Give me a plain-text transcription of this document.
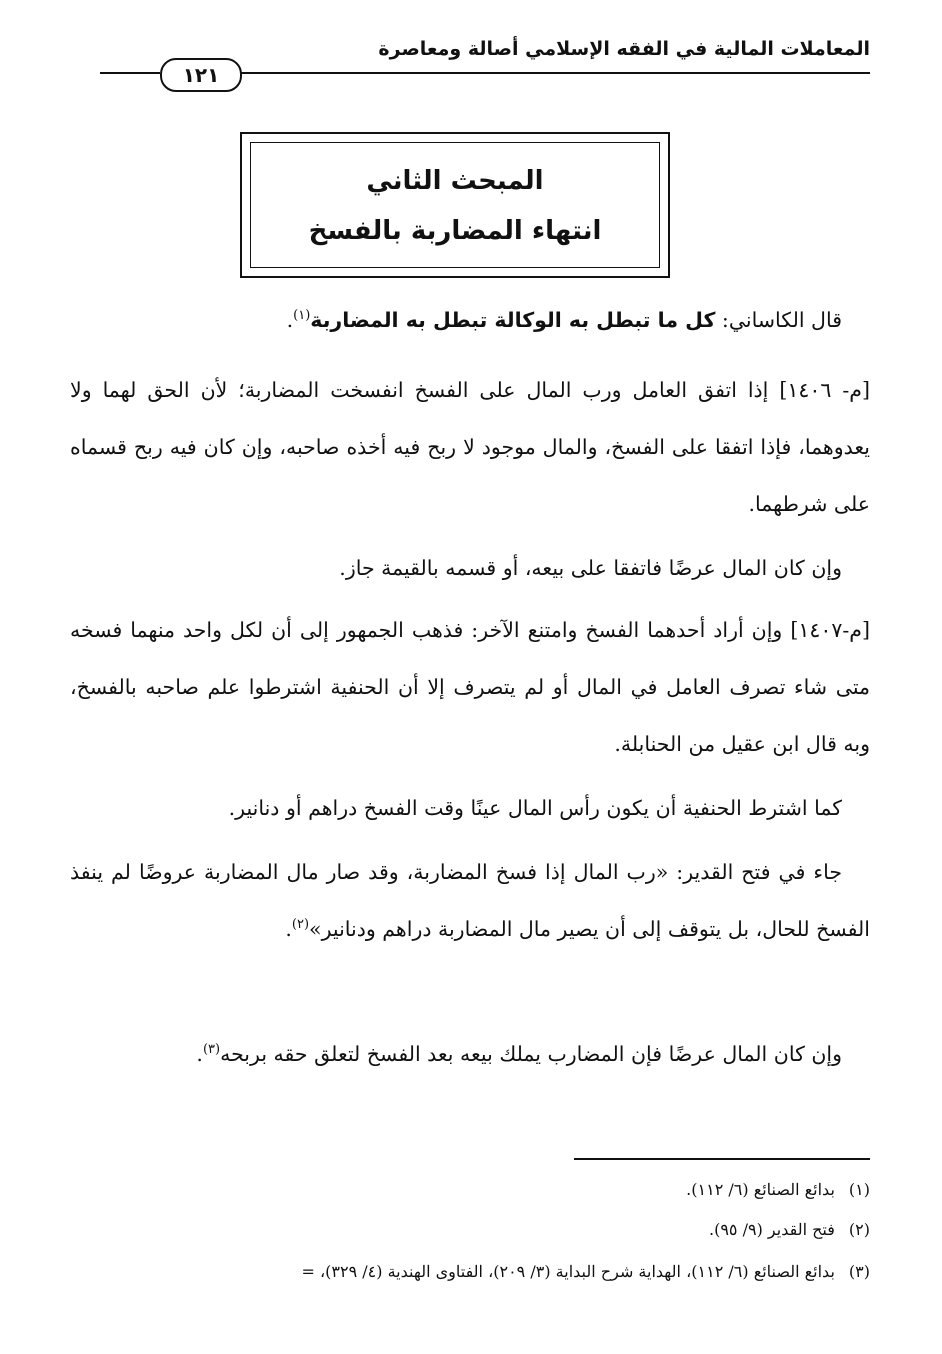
المعاملات المالية في الفقه الإسلامي أصالة ومعاصرة
١٢١
المبحث الثاني
انتهاء المضاربة بالفسخ
قال الكاساني: كل ما تبطل به الوكالة تبطل به المضاربة$^{(١)}$.
[م- ١٤٠٦] إذا اتفق العامل ورب المال على الفسخ انفسخت المضاربة؛ لأن الحق لهما ولا يعدوهما، فإذا اتفقا على الفسخ، والمال موجود لا ربح فيه أخذه صاحبه، وإن كان فيه ربح قسماه على شرطهما.
وإن كان المال عرضًا فاتفقا على بيعه، أو قسمه بالقيمة جاز.
[م-١٤٠٧] وإن أراد أحدهما الفسخ وامتنع الآخر: فذهب الجمهور إلى أن لكل واحد منهما فسخه متى شاء تصرف العامل في المال أو لم يتصرف إلا أن الحنفية اشترطوا علم صاحبه بالفسخ، وبه قال ابن عقيل من الحنابلة.
كما اشترط الحنفية أن يكون رأس المال عينًا وقت الفسخ دراهم أو دنانير.
جاء في فتح القدير: «رب المال إذا فسخ المضاربة، وقد صار مال المضاربة عروضًا لم ينفذ الفسخ للحال، بل يتوقف إلى أن يصير مال المضاربة دراهم ودنانير»$^{(٢)}$.
وإن كان المال عرضًا فإن المضارب يملك بيعه بعد الفسخ لتعلق حقه بربحه$^{(٣)}$.
(١)بدائع الصنائع (٦/ ١١٢).
(٢)فتح القدير (٩/ ٩٥).
(٣)بدائع الصنائع (٦/ ١١٢)، الهداية شرح البداية (٣/ ٢٠٩)، الفتاوى الهندية (٤/ ٣٢٩)، =
